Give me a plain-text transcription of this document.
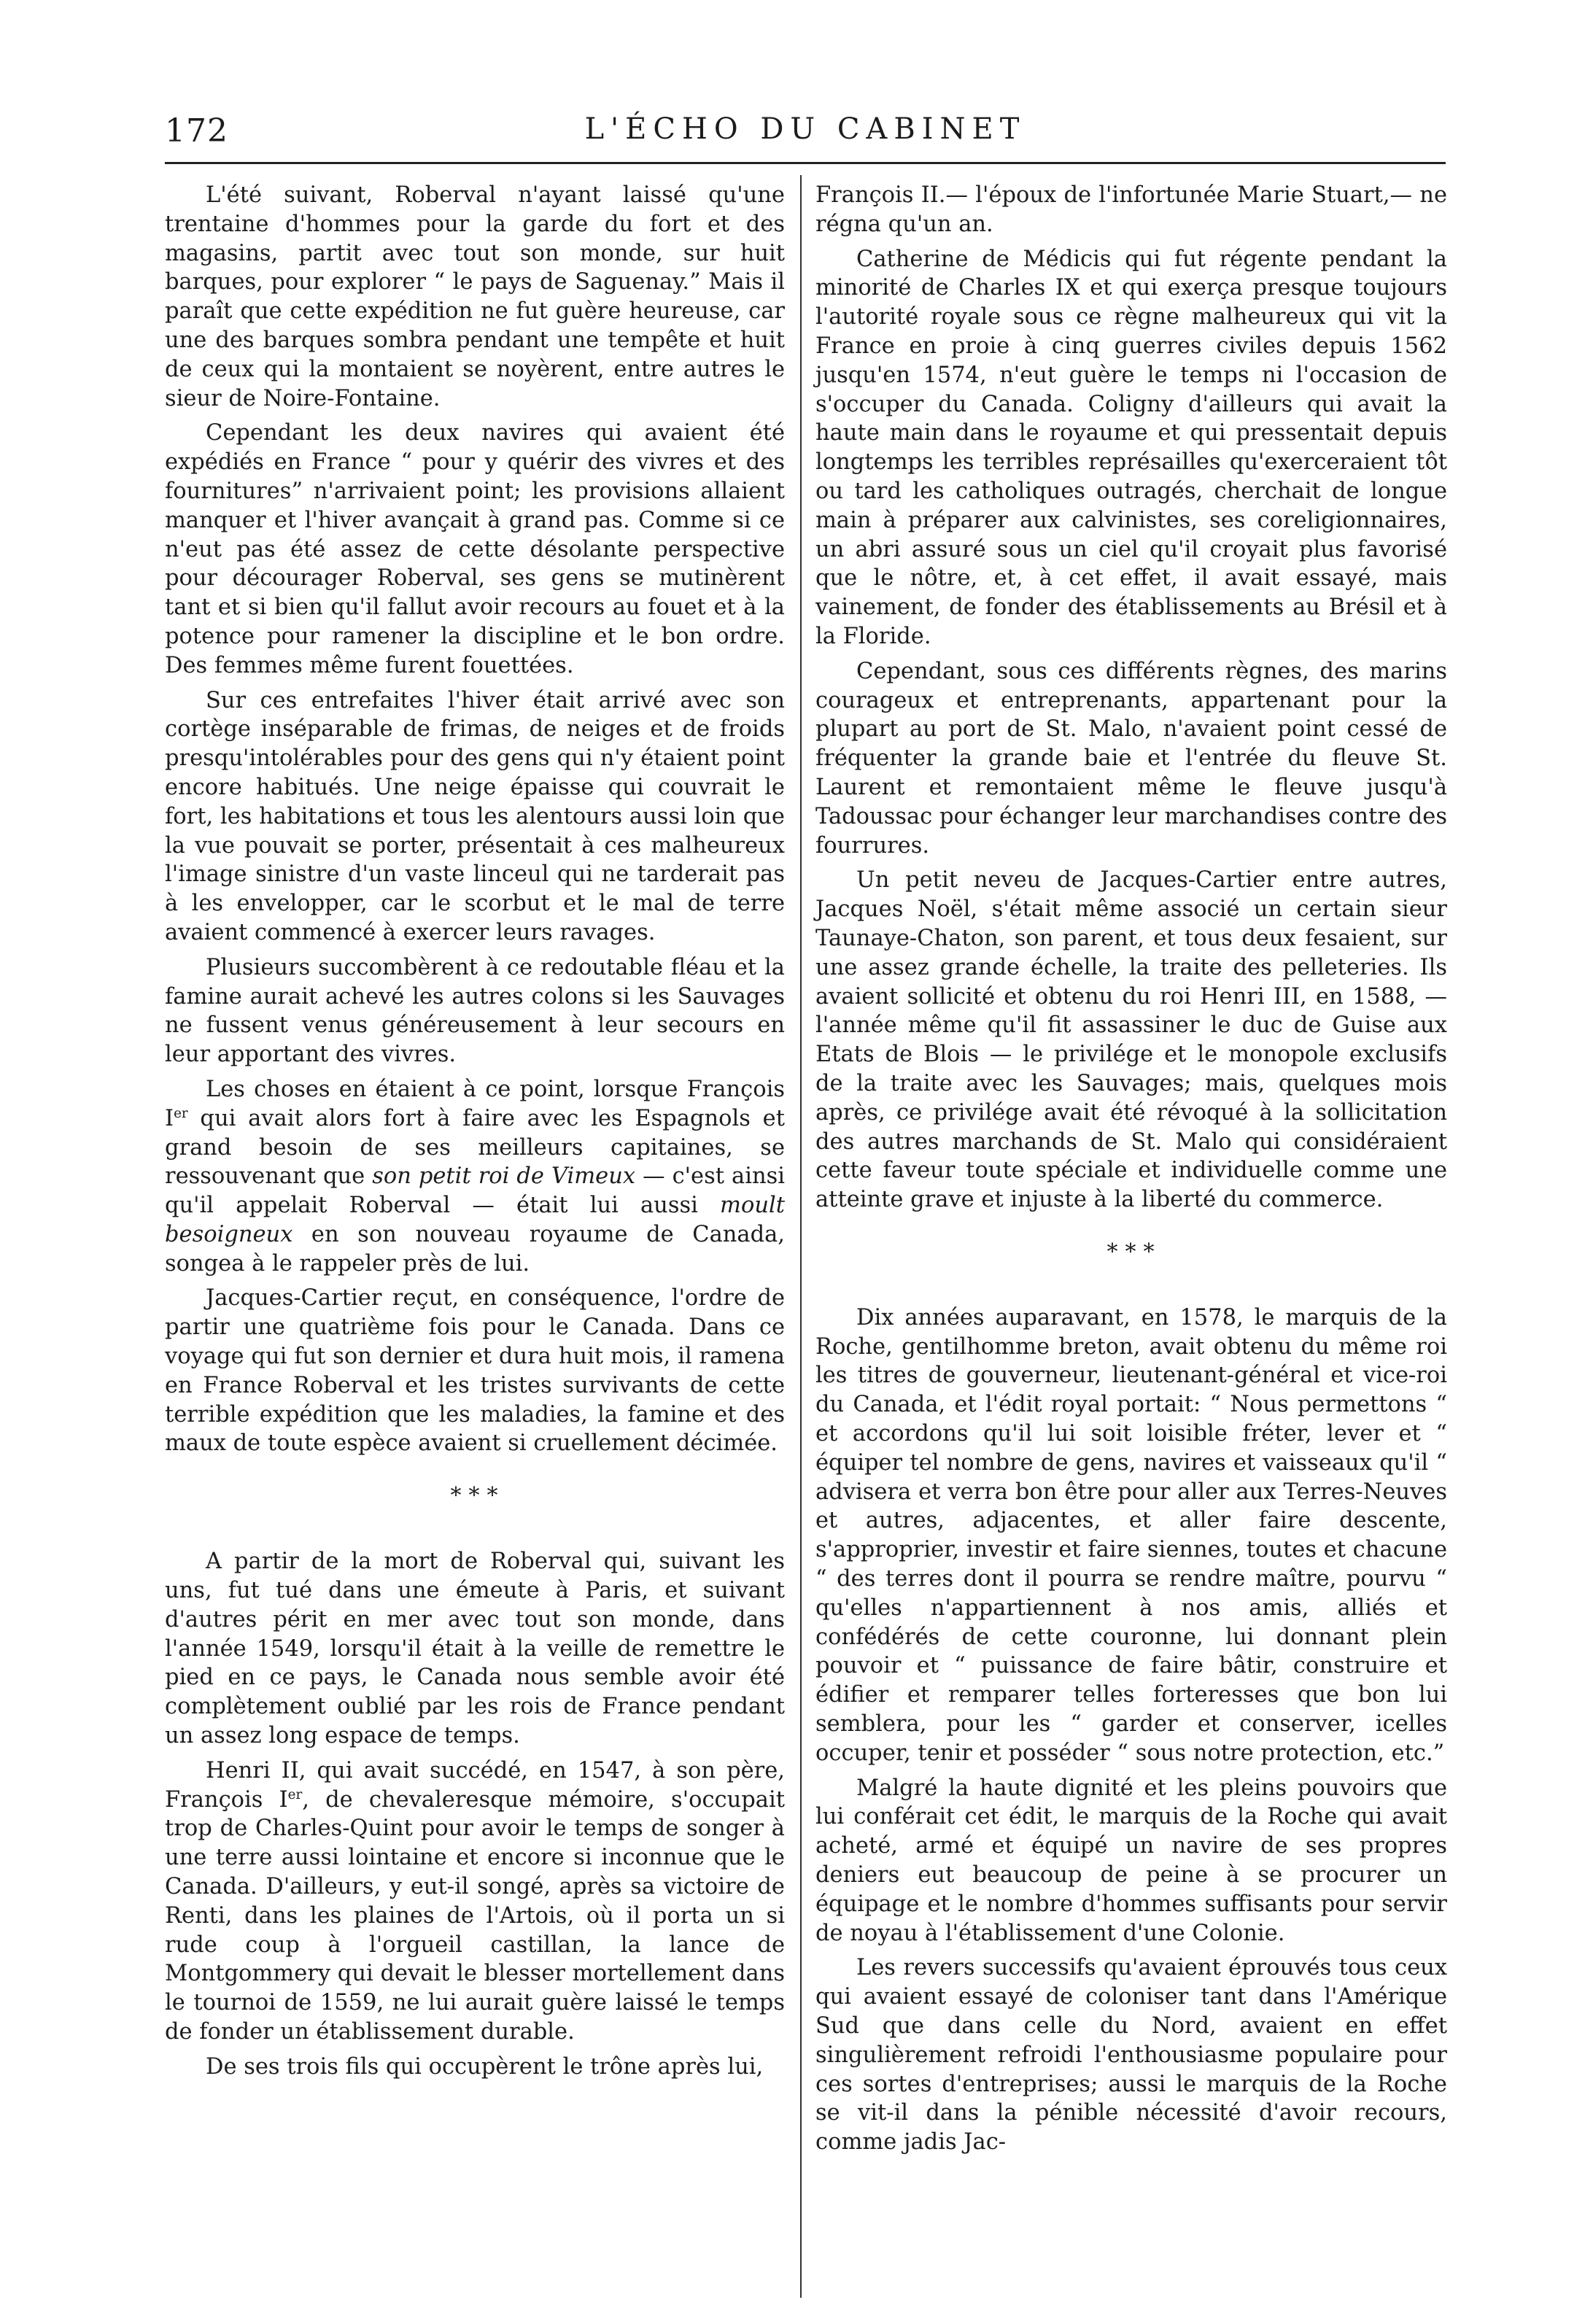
172	L'ÉCHO DU CABINET

L'été suivant, Roberval n'ayant laissé qu'une trentaine d'hommes pour la garde du fort et des magasins, partit avec tout son monde, sur huit barques, pour explorer “ le pays de Saguenay.” Mais il paraît que cette expédition ne fut guère heureuse, car une des barques sombra pendant une tempête et huit de ceux qui la montaient se noyèrent, entre autres le sieur de Noire-Fontaine.

Cependant les deux navires qui avaient été expédiés en France “ pour y quérir des vivres et des fournitures” n'arrivaient point; les provisions allaient manquer et l'hiver avançait à grand pas. Comme si ce n'eut pas été assez de cette désolante perspective pour décourager Roberval, ses gens se mutinèrent tant et si bien qu'il fallut avoir recours au fouet et à la potence pour ramener la discipline et le bon ordre. Des femmes même furent fouettées.

Sur ces entrefaites l'hiver était arrivé avec son cortège inséparable de frimas, de neiges et de froids presqu'intolérables pour des gens qui n'y étaient point encore habitués. Une neige épaisse qui couvrait le fort, les habitations et tous les alentours aussi loin que la vue pouvait se porter, présentait à ces malheureux l'image sinistre d'un vaste linceul qui ne tarderait pas à les envelopper, car le scorbut et le mal de terre avaient commencé à exercer leurs ravages.

Plusieurs succombèrent à ce redoutable fléau et la famine aurait achevé les autres colons si les Sauvages ne fussent venus généreusement à leur secours en leur apportant des vivres.

Les choses en étaient à ce point, lorsque François Ier qui avait alors fort à faire avec les Espagnols et grand besoin de ses meilleurs capitaines, se ressouvenant que son petit roi de Vimeux — c'est ainsi qu'il appelait Roberval — était lui aussi moult besoigneux en son nouveau royaume de Canada, songea à le rappeler près de lui.

Jacques-Cartier reçut, en conséquence, l'ordre de partir une quatrième fois pour le Canada. Dans ce voyage qui fut son dernier et dura huit mois, il ramena en France Roberval et les tristes survivants de cette terrible expédition que les maladies, la famine et des maux de toute espèce avaient si cruellement décimée.

* * *

A partir de la mort de Roberval qui, suivant les uns, fut tué dans une émeute à Paris, et suivant d'autres périt en mer avec tout son monde, dans l'année 1549, lorsqu'il était à la veille de remettre le pied en ce pays, le Canada nous semble avoir été complètement oublié par les rois de France pendant un assez long espace de temps.

Henri II, qui avait succédé, en 1547, à son père, François Ier, de chevaleresque mémoire, s'occupait trop de Charles-Quint pour avoir le temps de songer à une terre aussi lointaine et encore si inconnue que le Canada. D'ailleurs, y eut-il songé, après sa victoire de Renti, dans les plaines de l'Artois, où il porta un si rude coup à l'orgueil castillan, la lance de Montgommery qui devait le blesser mortellement dans le tournoi de 1559, ne lui aurait guère laissé le temps de fonder un établissement durable.

De ses trois fils qui occupèrent le trône après lui,

François II.— l'époux de l'infortunée Marie Stuart,— ne régna qu'un an.

Catherine de Médicis qui fut régente pendant la minorité de Charles IX et qui exerça presque toujours l'autorité royale sous ce règne malheureux qui vit la France en proie à cinq guerres civiles depuis 1562 jusqu'en 1574, n'eut guère le temps ni l'occasion de s'occuper du Canada. Coligny d'ailleurs qui avait la haute main dans le royaume et qui pressentait depuis longtemps les terribles représailles qu'exerceraient tôt ou tard les catholiques outragés, cherchait de longue main à préparer aux calvinistes, ses coreligionnaires, un abri assuré sous un ciel qu'il croyait plus favorisé que le nôtre, et, à cet effet, il avait essayé, mais vainement, de fonder des établissements au Brésil et à la Floride.

Cependant, sous ces différents règnes, des marins courageux et entreprenants, appartenant pour la plupart au port de St. Malo, n'avaient point cessé de fréquenter la grande baie et l'entrée du fleuve St. Laurent et remontaient même le fleuve jusqu'à Tadoussac pour échanger leur marchandises contre des fourrures.

Un petit neveu de Jacques-Cartier entre autres, Jacques Noël, s'était même associé un certain sieur Taunaye-Chaton, son parent, et tous deux fesaient, sur une assez grande échelle, la traite des pelleteries. Ils avaient sollicité et obtenu du roi Henri III, en 1588, —l'année même qu'il fit assassiner le duc de Guise aux Etats de Blois — le privilége et le monopole exclusifs de la traite avec les Sauvages; mais, quelques mois après, ce privilége avait été révoqué à la sollicitation des autres marchands de St. Malo qui considéraient cette faveur toute spéciale et individuelle comme une atteinte grave et injuste à la liberté du commerce.

* * *

Dix années auparavant, en 1578, le marquis de la Roche, gentilhomme breton, avait obtenu du même roi les titres de gouverneur, lieutenant-général et vice-roi du Canada, et l'édit royal portait: “ Nous permettons “ et accordons qu'il lui soit loisible fréter, lever et “ équiper tel nombre de gens, navires et vaisseaux qu'il “ advisera et verra bon être pour aller aux Terres-Neuves et autres, adjacentes, et aller faire descente, s'approprier, investir et faire siennes, toutes et chacune “ des terres dont il pourra se rendre maître, pourvu “ qu'elles n'appartiennent à nos amis, alliés et confédérés de cette couronne, lui donnant plein pouvoir et “ puissance de faire bâtir, construire et édifier et remparer telles forteresses que bon lui semblera, pour les “ garder et conserver, icelles occuper, tenir et posséder “ sous notre protection, etc.”

Malgré la haute dignité et les pleins pouvoirs que lui conférait cet édit, le marquis de la Roche qui avait acheté, armé et équipé un navire de ses propres deniers eut beaucoup de peine à se procurer un équipage et le nombre d'hommes suffisants pour servir de noyau à l'établissement d'une Colonie.

Les revers successifs qu'avaient éprouvés tous ceux qui avaient essayé de coloniser tant dans l'Amérique Sud que dans celle du Nord, avaient en effet singulièrement refroidi l'enthousiasme populaire pour ces sortes d'entreprises; aussi le marquis de la Roche se vit-il dans la pénible nécessité d'avoir recours, comme jadis Jac-
